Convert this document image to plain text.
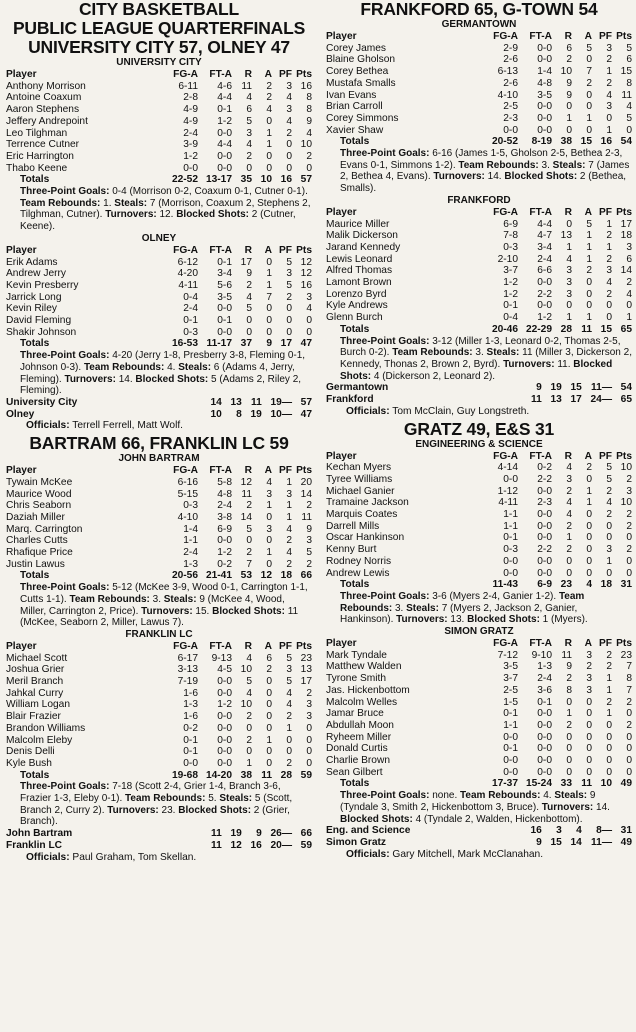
CITY BASKETBALL
PUBLIC LEAGUE QUARTERFINALS
UNIVERSITY CITY 57, OLNEY 47
UNIVERSITY CITY
Player	FG-A	FT-A	R	A	PF	Pts
Anthony Morrison	6-11	4-6	11	2	3	16
Antoine Coaxum	2-8	4-4	4	2	4	8
Aaron Stephens	4-9	0-1	6	4	3	8
Jeffery Andrepoint	4-9	1-2	5	0	4	9
Leo Tilghman	2-4	0-0	3	1	2	4
Terrence Cutner	3-9	4-4	4	1	0	10
Eric Harrington	1-2	0-0	2	0	0	2
Thabo Keene	0-0	0-0	0	0	0	0
Totals	22-52	13-17	35	10	16	57
Three-Point Goals: 0-4 (Morrison 0-2, Coaxum 0-1, Cutner 0-1). Team Rebounds: 1. Steals: 7 (Morrison, Coaxum 2, Stephens 2, Tilghman, Cutner). Turnovers: 12. Blocked Shots: 2 (Cutner, Keene).
OLNEY
Player	FG-A	FT-A	R	A	PF	Pts
Erik Adams	6-12	0-1	17	0	5	12
Andrew Jerry	4-20	3-4	9	1	3	12
Kevin Presberry	4-11	5-6	2	1	5	16
Jarrick Long	0-4	3-5	4	7	2	3
Kevin Riley	2-4	0-0	5	0	0	4
David Fleming	0-1	0-1	0	0	0	0
Shakir Johnson	0-3	0-0	0	0	0	0
Totals	16-53	11-17	37	9	17	47
Three-Point Goals: 4-20 (Jerry 1-8, Presberry 3-8, Fleming 0-1, Johnson 0-3). Team Rebounds: 4. Steals: 6 (Adams 4, Jerry, Fleming). Turnovers: 14. Blocked Shots: 5 (Adams 2, Riley 2, Fleming).
University City	14	13	11	19	—	57
Olney	10	8	19	10	—	47
Officials: Terrell Ferrell, Matt Wolf.
BARTRAM 66, FRANKLIN LC 59
JOHN BARTRAM
Player	FG-A	FT-A	R	A	PF	Pts
Tywain McKee	6-16	5-8	12	4	1	20
Maurice Wood	5-15	4-8	11	3	3	14
Chris Seaborn	0-3	2-4	2	1	1	2
Daziah Miller	4-10	3-8	14	0	1	11
Marq. Carrington	1-4	6-9	5	3	4	9
Charles Cutts	1-1	0-0	0	0	2	3
Rhafique Price	2-4	1-2	2	1	4	5
Justin Lawus	1-3	0-2	7	0	2	2
Totals	20-56	21-41	53	12	18	66
Three-Point Goals: 5-12 (McKee 3-9, Wood 0-1, Carrington 1-1, Cutts 1-1). Team Rebounds: 3. Steals: 9 (McKee 4, Wood, Miller, Carrington 2, Price). Turnovers: 15. Blocked Shots: 11 (McKee, Seaborn 2, Miller, Lawus 7).
FRANKLIN LC
Player	FG-A	FT-A	R	A	PF	Pts
Michael Scott	6-17	9-13	4	6	5	23
Joshua Grier	3-13	4-5	10	2	3	13
Meril Branch	7-19	0-0	5	0	5	17
Jahkal Curry	1-6	0-0	4	0	4	2
William Logan	1-3	1-2	10	0	4	3
Blair Frazier	1-6	0-0	2	0	2	3
Brandon Williams	0-2	0-0	0	0	1	0
Malcolm Eleby	0-1	0-0	2	1	0	0
Denis Delli	0-1	0-0	0	0	0	0
Kyle Bush	0-0	0-0	1	0	2	0
Totals	19-68	14-20	38	11	28	59
Three-Point Goals: 7-18 (Scott 2-4, Grier 1-4, Branch 3-6, Frazier 1-3, Eleby 0-1). Team Rebounds: 5. Steals: 5 (Scott, Branch 2, Curry 2). Turnovers: 23. Blocked Shots: 2 (Grier, Branch).
John Bartram	11	19	9	26	—	66
Franklin LC	11	12	16	20	—	59
Officials: Paul Graham, Tom Skellan.
FRANKFORD 65, G-TOWN 54
GERMANTOWN
Player	FG-A	FT-A	R	A	PF	Pts
Corey James	2-9	0-0	6	5	3	5
Blaine Gholson	2-6	0-0	2	0	2	6
Corey Bethea	6-13	1-4	10	7	1	15
Mustafa Smalls	2-6	4-8	9	2	2	8
Ivan Evans	4-10	3-5	9	0	4	11
Brian Carroll	2-5	0-0	0	0	3	4
Corey Simmons	2-3	0-0	1	1	0	5
Xavier Shaw	0-0	0-0	0	0	1	0
Totals	20-52	8-19	38	15	16	54
Three-Point Goals: 6-16 (James 1-5, Gholson 2-5, Bethea 2-3, Evans 0-1, Simmons 1-2). Team Rebounds: 3. Steals: 7 (James 2, Bethea 4, Evans). Turnovers: 14. Blocked Shots: 2 (Bethea, Smalls).
FRANKFORD
Player	FG-A	FT-A	R	A	PF	Pts
Maurice Miller	6-9	4-4	0	5	1	17
Malik Dickerson	7-8	4-7	13	1	2	18
Jarand Kennedy	0-3	3-4	1	1	1	3
Lewis Leonard	2-10	2-4	4	1	2	6
Alfred Thomas	3-7	6-6	3	2	3	14
Lamont Brown	1-2	0-0	3	0	4	2
Lorenzo Byrd	1-2	2-2	3	0	2	4
Kyle Andrews	0-1	0-0	0	0	0	0
Glenn Burch	0-4	1-2	1	1	0	1
Totals	20-46	22-29	28	11	15	65
Three-Point Goals: 3-12 (Miller 1-3, Leonard 0-2, Thomas 2-5, Burch 0-2). Team Rebounds: 3. Steals: 11 (Miller 3, Dickerson 2, Kennedy, Thonas 2, Brown 2, Byrd). Turnovers: 11. Blocked Shots: 4 (Dickerson 2, Leonard 2).
Germantown	9	19	15	11	—	54
Frankford	11	13	17	24	—	65
Officials: Tom McClain, Guy Longstreth.
GRATZ 49, E&S 31
ENGINEERING & SCIENCE
Player	FG-A	FT-A	R	A	PF	Pts
Kechan Myers	4-14	0-2	4	2	5	10
Tyree Williams	0-0	2-2	3	0	5	2
Michael Ganier	1-12	0-0	2	1	2	3
Tramaine Jackson	4-11	2-3	4	1	4	10
Marquis Coates	1-1	0-0	4	0	2	2
Darrell Mills	1-1	0-0	2	0	0	2
Oscar Hankinson	0-1	0-0	1	0	0	0
Kenny Burt	0-3	2-2	2	0	3	2
Rodney Norris	0-0	0-0	0	0	1	0
Andrew Lewis	0-0	0-0	0	0	0	0
Totals	11-43	6-9	23	4	18	31
Three-Point Goals: 3-6 (Myers 2-4, Ganier 1-2). Team Rebounds: 3. Steals: 7 (Myers 2, Jackson 2, Ganier, Hankinson). Turnovers: 13. Blocked Shots: 1 (Myers).
SIMON GRATZ
Player	FG-A	FT-A	R	A	PF	Pts
Mark Tyndale	7-12	9-10	11	3	2	23
Matthew Walden	3-5	1-3	9	2	2	7
Tyrone Smith	3-7	2-4	2	3	1	8
Jas. Hickenbottom	2-5	3-6	8	3	1	7
Malcolm Welles	1-5	0-1	0	0	2	2
Jamar Bruce	0-1	0-0	1	0	1	0
Abdullah Moon	1-1	0-0	2	0	0	2
Ryheem Miller	0-0	0-0	0	0	0	0
Donald Curtis	0-1	0-0	0	0	0	0
Charlie Brown	0-0	0-0	0	0	0	0
Sean Gilbert	0-0	0-0	0	0	0	0
Totals	17-37	15-24	33	11	10	49
Three-Point Goals: none. Team Rebounds: 4. Steals: 9 (Tyndale 3, Smith 2, Hickenbottom 3, Bruce). Turnovers: 14. Blocked Shots: 4 (Tyndale 2, Walden, Hickenbottom).
Eng. and Science	16	3	4	8	—	31
Simon Gratz	9	15	14	11	—	49
Officials: Gary Mitchell, Mark McClanahan.
